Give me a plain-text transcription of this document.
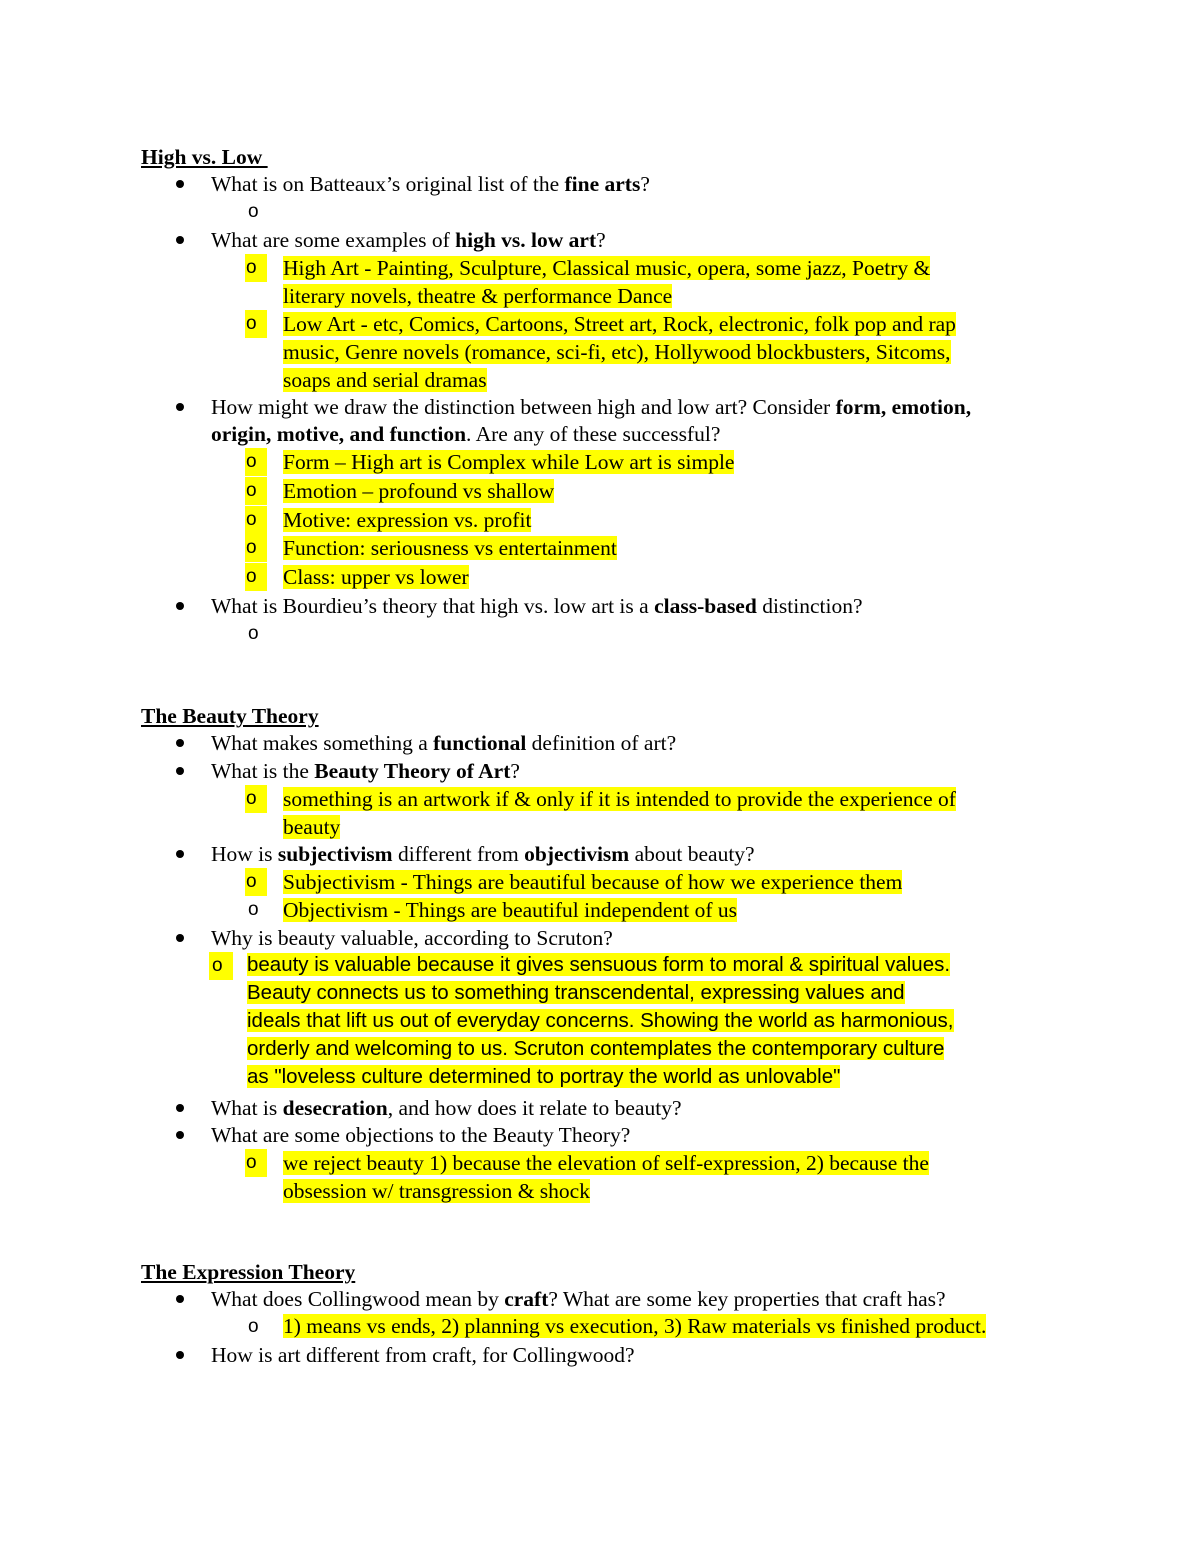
High vs. Low
What is on Batteaux’s original list of the fine arts?
o
What are some examples of high vs. low art?
o	High Art - Painting, Sculpture, Classical music, opera, some jazz, Poetry &
literary novels, theatre & performance Dance
o	Low Art - etc, Comics, Cartoons, Street art, Rock, electronic, folk pop and rap
music, Genre novels (romance, sci-fi, etc), Hollywood blockbusters, Sitcoms,
soaps and serial dramas
How might we draw the distinction between high and low art? Consider form, emotion,
origin, motive, and function. Are any of these successful?
o	Form – High art is Complex while Low art is simple
o	Emotion – profound vs shallow
o	Motive: expression vs. profit
o	Function: seriousness vs entertainment
o	Class: upper vs lower
What is Bourdieu’s theory that high vs. low art is a class-based distinction?
o
The Beauty Theory
What makes something a functional definition of art?
What is the Beauty Theory of Art?
o	something is an artwork if & only if it is intended to provide the experience of
beauty
How is subjectivism different from objectivism about beauty?
o	Subjectivism - Things are beautiful because of how we experience them
o Objectivism - Things are beautiful independent of us
Why is beauty valuable, according to Scruton?
o	beauty is valuable because it gives sensuous form to moral & spiritual values.
Beauty connects us to something transcendental, expressing values and
ideals that lift us out of everyday concerns. Showing the world as harmonious,
orderly and welcoming to us. Scruton contemplates the contemporary culture
as "loveless culture determined to portray the world as unlovable"
What is desecration, and how does it relate to beauty?
What are some objections to the Beauty Theory?
o	we reject beauty 1) because the elevation of self-expression, 2) because the
obsession w/ transgression & shock
The Expression Theory
What does Collingwood mean by craft? What are some key properties that craft has?
o 1) means vs ends, 2) planning vs execution, 3) Raw materials vs finished product.
How is art different from craft, for Collingwood?
